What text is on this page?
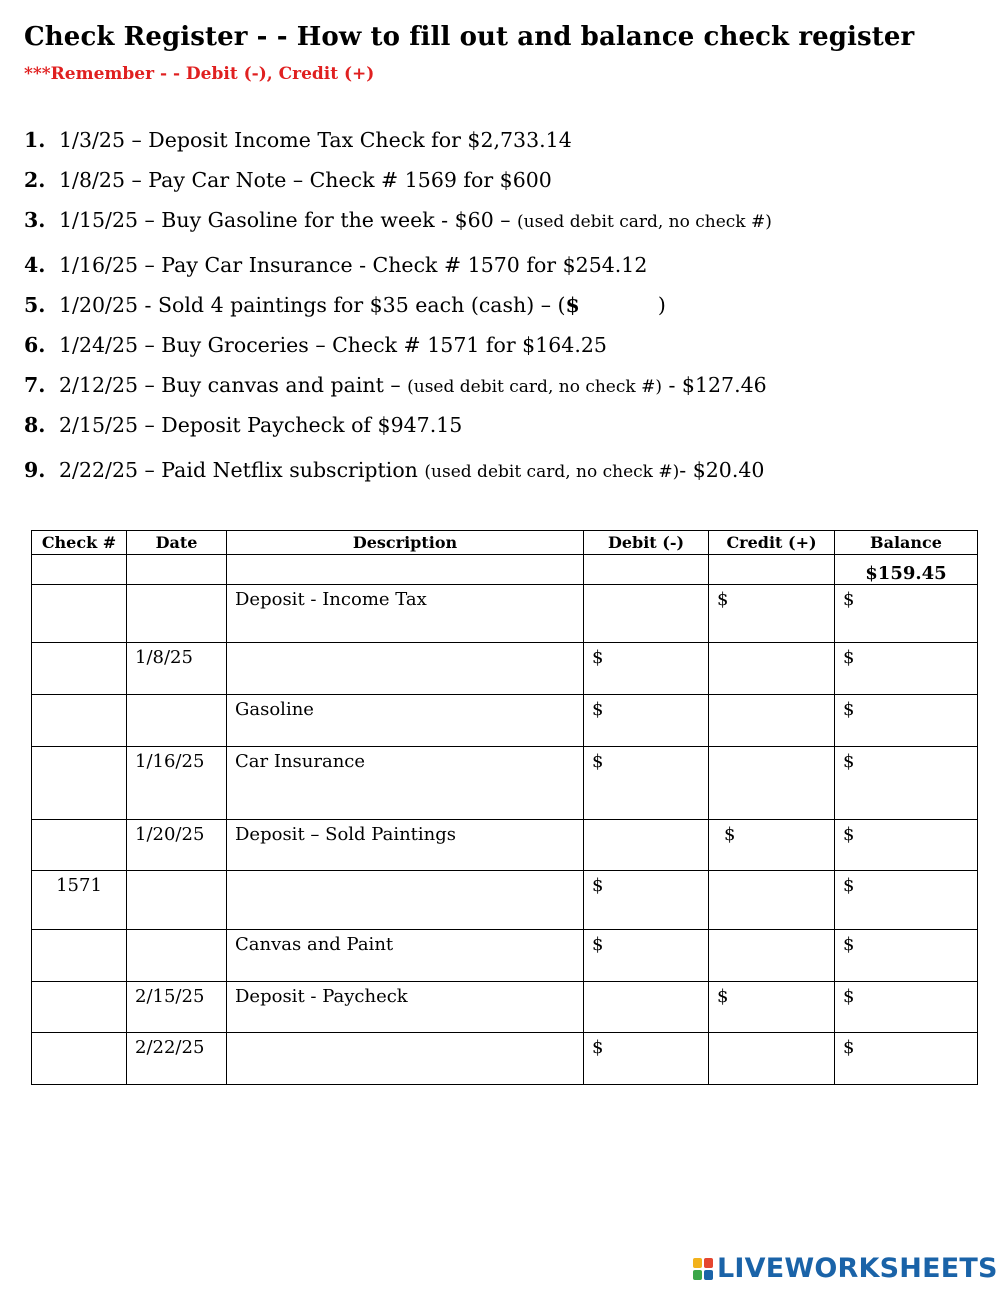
Check Register - - How to fill out and balance check register
***Remember - - Debit (-), Credit (+)
1. 1/3/25 – Deposit Income Tax Check for $2,733.14
2. 1/8/25 – Pay Car Note – Check # 1569 for $600
3. 1/15/25 – Buy Gasoline for the week - $60 – (used debit card, no check #)
4. 1/16/25 – Pay Car Insurance - Check # 1570 for $254.12
5. 1/20/25 - Sold 4 paintings for $35 each (cash) – ($	)
6. 1/24/25 – Buy Groceries – Check # 1571 for $164.25
7. 2/12/25 – Buy canvas and paint – (used debit card, no check #) - $127.46
8. 2/15/25 – Deposit Paycheck of $947.15
9. 2/22/25 – Paid Netflix subscription (used debit card, no check #)- $20.40
Check #	Date	Description	Debit (-)	Credit (+)	Balance
					$159.45
		Deposit - Income Tax		$	$
	1/8/25		$		$
		Gasoline	$		$
	1/16/25	Car Insurance	$		$
	1/20/25	Deposit – Sold Paintings		$	$
1571			$		$
		Canvas and Paint	$		$
	2/15/25	Deposit - Paycheck		$	$
	2/22/25		$		$
LIVEWORKSHEETS
